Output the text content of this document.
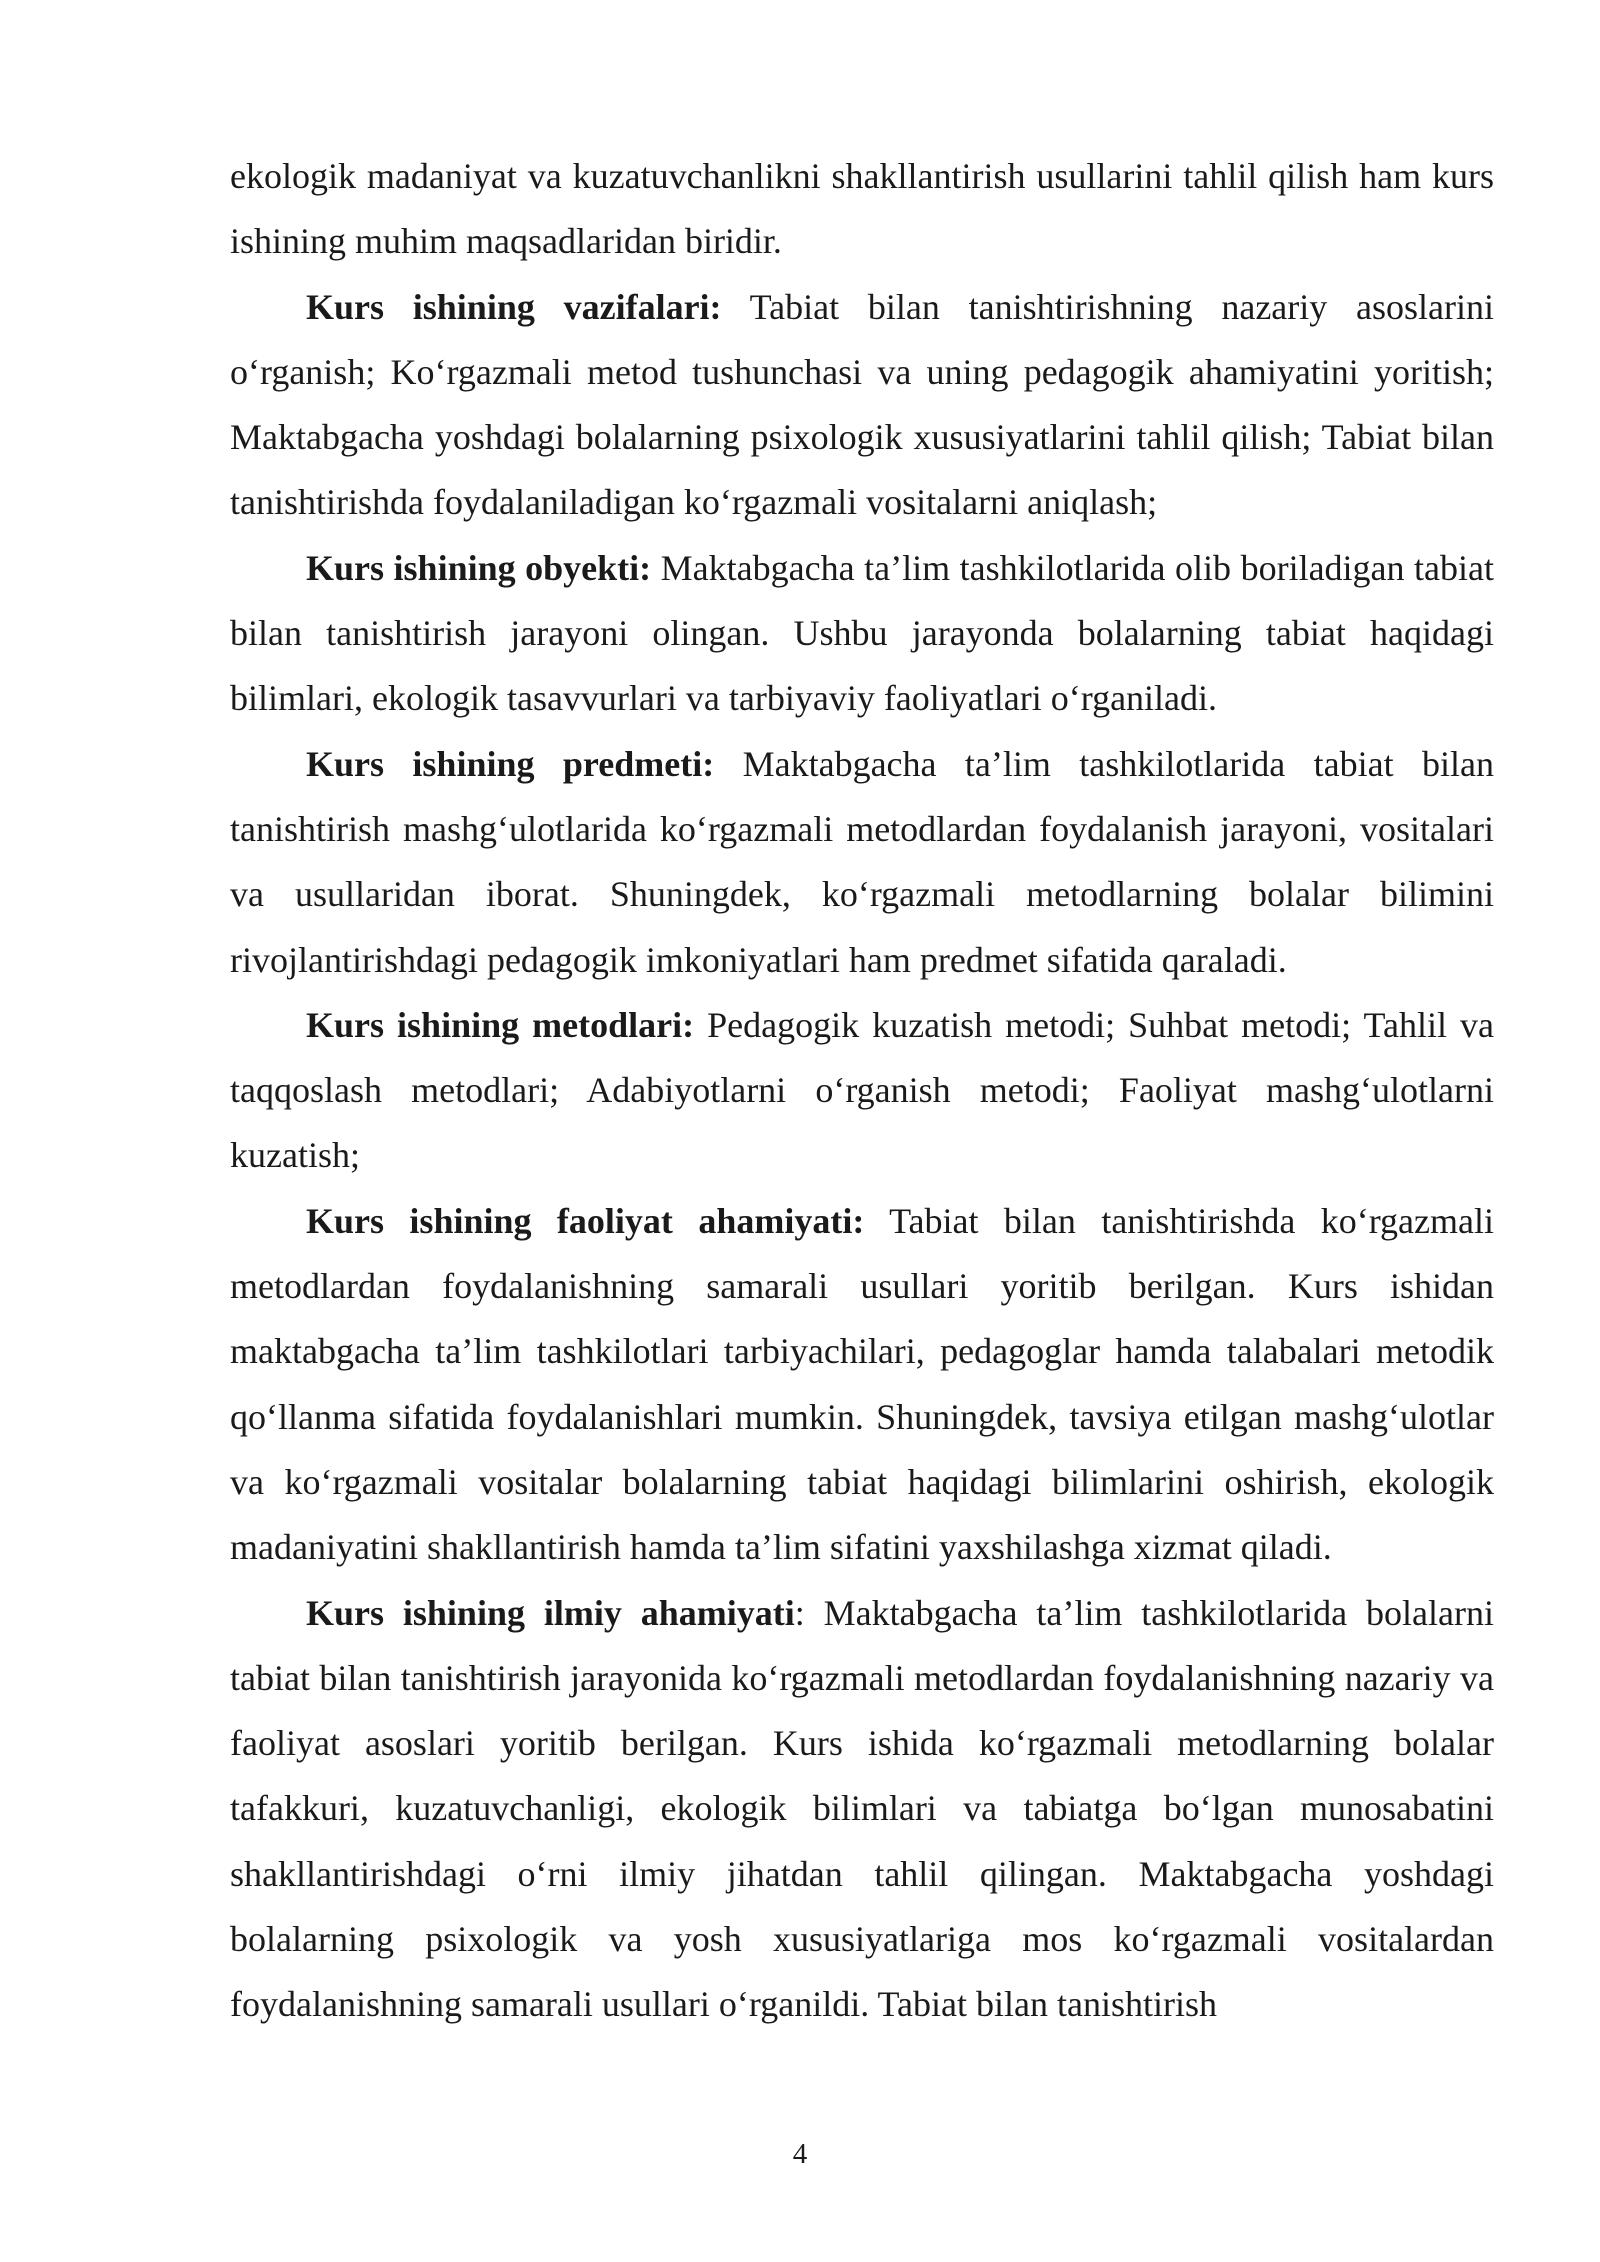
ekologik madaniyat va kuzatuvchanlikni shakllantirish usullarini tahlil qilish ham kurs ishining muhim maqsadlaridan biridir.

Kurs ishining vazifalari: Tabiat bilan tanishtirishning nazariy asoslarini o‘rganish; Ko‘rgazmali metod tushunchasi va uning pedagogik ahamiyatini yoritish; Maktabgacha yoshdagi bolalarning psixologik xususiyatlarini tahlil qilish; Tabiat bilan tanishtirishda foydalaniladigan ko‘rgazmali vositalarni aniqlash;

Kurs ishining obyekti: Maktabgacha ta’lim tashkilotlarida olib boriladigan tabiat bilan tanishtirish jarayoni olingan. Ushbu jarayonda bolalarning tabiat haqidagi bilimlari, ekologik tasavvurlari va tarbiyaviy faoliyatlari o‘rganiladi.

Kurs ishining predmeti: Maktabgacha ta’lim tashkilotlarida tabiat bilan tanishtirish mashg‘ulotlarida ko‘rgazmali metodlardan foydalanish jarayoni, vositalari va usullaridan iborat. Shuningdek, ko‘rgazmali metodlarning bolalar bilimini rivojlantirishdagi pedagogik imkoniyatlari ham predmet sifatida qaraladi.

Kurs ishining metodlari: Pedagogik kuzatish metodi; Suhbat metodi; Tahlil va taqqoslash metodlari; Adabiyotlarni o‘rganish metodi; Faoliyat mashg‘ulotlarni kuzatish;

Kurs ishining faoliyat ahamiyati: Tabiat bilan tanishtirishda ko‘rgazmali metodlardan foydalanishning samarali usullari yoritib berilgan. Kurs ishidan maktabgacha ta’lim tashkilotlari tarbiyachilari, pedagoglar hamda talabalari metodik qo‘llanma sifatida foydalanishlari mumkin. Shuningdek, tavsiya etilgan mashg‘ulotlar va ko‘rgazmali vositalar bolalarning tabiat haqidagi bilimlarini oshirish, ekologik madaniyatini shakllantirish hamda ta’lim sifatini yaxshilashga xizmat qiladi.

Kurs ishining ilmiy ahamiyati: Maktabgacha ta’lim tashkilotlarida bolalarni tabiat bilan tanishtirish jarayonida ko‘rgazmali metodlardan foydalanishning nazariy va faoliyat asoslari yoritib berilgan. Kurs ishida ko‘rgazmali metodlarning bolalar tafakkuri, kuzatuvchanligi, ekologik bilimlari va tabiatga bo‘lgan munosabatini shakllantirishdagi o‘rni ilmiy jihatdan tahlil qilingan. Maktabgacha yoshdagi bolalarning psixologik va yosh xususiyatlariga mos ko‘rgazmali vositalardan foydalanishning samarali usullari o‘rganildi. Tabiat bilan tanishtirish

4
